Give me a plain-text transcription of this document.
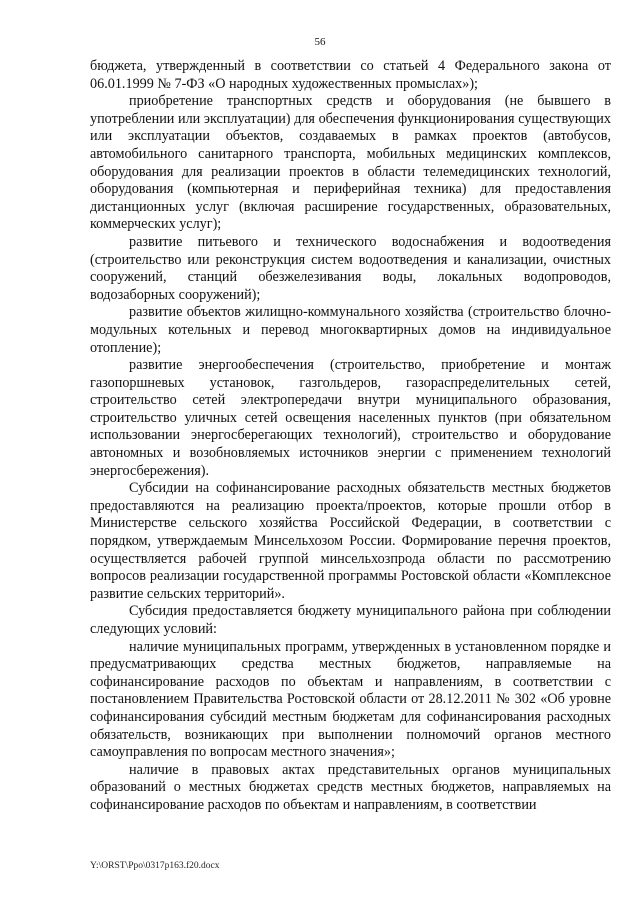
56

бюджета, утвержденный в соответствии со статьей 4 Федерального закона от 06.01.1999 № 7-ФЗ «О народных художественных промыслах»);

приобретение транспортных средств и оборудования (не бывшего в употреблении или эксплуатации) для обеспечения функционирования существующих или эксплуатации объектов, создаваемых в рамках проектов (автобусов, автомобильного санитарного транспорта, мобильных медицинских комплексов, оборудования для реализации проектов в области телемедицинских технологий, оборудования (компьютерная и периферийная техника) для предоставления дистанционных услуг (включая расширение государственных, образовательных, коммерческих услуг);

развитие питьевого и технического водоснабжения и водоотведения (строительство или реконструкция систем водоотведения и канализации, очистных сооружений, станций обезжелезивания воды, локальных водопроводов, водозаборных сооружений);

развитие объектов жилищно-коммунального хозяйства (строительство блочно-модульных котельных и перевод многоквартирных домов на индивидуальное отопление);

развитие энергообеспечения (строительство, приобретение и монтаж газопоршневых установок, газгольдеров, газораспределительных сетей, строительство сетей электропередачи внутри муниципального образования, строительство уличных сетей освещения населенных пунктов (при обязательном использовании энергосберегающих технологий), строительство и оборудование автономных и возобновляемых источников энергии с применением технологий энергосбережения).

Субсидии на софинансирование расходных обязательств местных бюджетов предоставляются на реализацию проекта/проектов, которые прошли отбор в Министерстве сельского хозяйства Российской Федерации, в соответствии с порядком, утверждаемым Минсельхозом России. Формирование перечня проектов, осуществляется рабочей группой минсельхозпрода области по рассмотрению вопросов реализации государственной программы Ростовской области «Комплексное развитие сельских территорий».

Субсидия предоставляется бюджету муниципального района при соблюдении следующих условий:

наличие муниципальных программ, утвержденных в установленном порядке и предусматривающих средства местных бюджетов, направляемые на софинансирование расходов по объектам и направлениям, в соответствии с постановлением Правительства Ростовской области от 28.12.2011 № 302 «Об уровне софинансирования субсидий местным бюджетам для софинансирования расходных обязательств, возникающих при выполнении полномочий органов местного самоуправления по вопросам местного значения»;

наличие в правовых актах представительных органов муниципальных образований о местных бюджетах средств местных бюджетов, направляемых на софинансирование расходов по объектам и направлениям, в соответствии

Y:\ORST\Ppo\0317p163.f20.docx
